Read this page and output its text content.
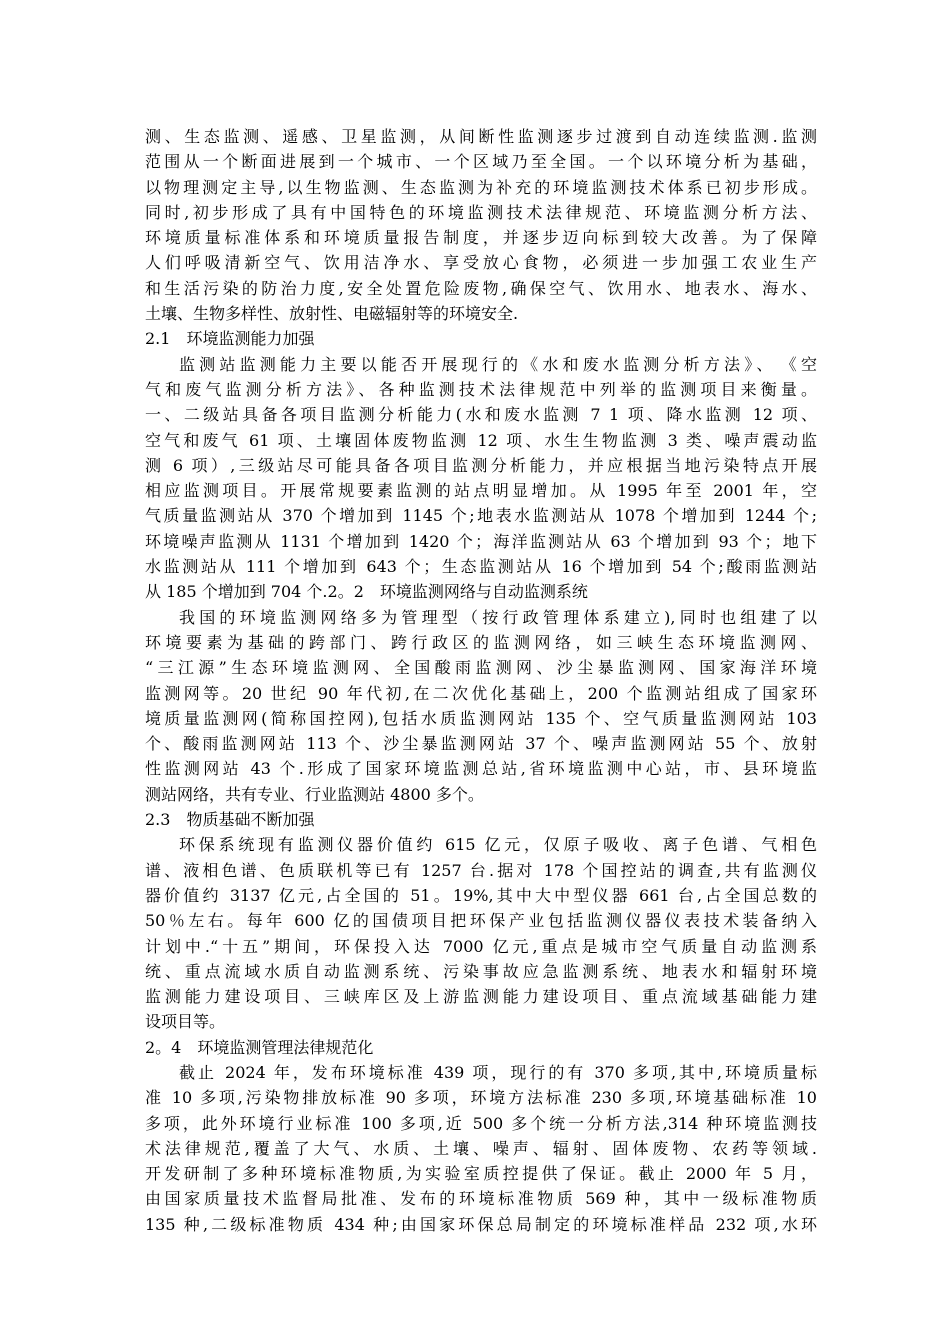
测、生态监测、遥感、卫星监测，从间断性监测逐步过渡到自动连续监测.监测
范围从一个断面进展到一个城市、一个区域乃至全国。一个以环境分析为基础，
以物理测定主导,以生物监测、生态监测为补充的环境监测技术体系已初步形成。
同时,初步形成了具有中国特色的环境监测技术法律规范、环境监测分析方法、
环境质量标准体系和环境质量报告制度，并逐步迈向标到较大改善。为了保障
人们呼吸清新空气、饮用洁净水、享受放心食物，必须进一步加强工农业生产
和生活污染的防治力度,安全处置危险废物,确保空气、饮用水、地表水、海水、
土壤、生物多样性、放射性、电磁辐射等的环境安全.
2.1　环境监测能力加强
监测站监测能力主要以能否开展现行的《水和废水监测分析方法》、　《空
气和废气监测分析方法》、各种监测技术法律规范中列举的监测项目来衡量。
一、二级站具备各项目监测分析能力(水和废水监测 7 1 项、降水监测 12 项、
空气和废气 61 项、土壤固体废物监测 12 项、水生生物监测 3 类、噪声震动监
测 6 项）,三级站尽可能具备各项目监测分析能力，并应根据当地污染特点开展
相应监测项目。开展常规要素监测的站点明显增加。从 1995 年至 2001 年，空
气质量监测站从 370 个增加到 1145 个;地表水监测站从 1078 个增加到 1244 个;
环境噪声监测从 1131 个增加到 1420 个；海洋监测站从 63 个增加到 93 个；地下
水监测站从 111 个增加到 643 个；生态监测站从 16 个增加到 54 个;酸雨监测站
从 185 个增加到 704 个.2。2　环境监测网络与自动监测系统
我国的环境监测网络多为管理型（按行政管理体系建立),同时也组建了以
环境要素为基础的跨部门、跨行政区的监测网络，如三峡生态环境监测网、
“三江源”生态环境监测网、全国酸雨监测网、沙尘暴监测网、国家海洋环境
监测网等。20 世纪 90 年代初,在二次优化基础上，200 个监测站组成了国家环
境质量监测网(简称国控网),包括水质监测网站 135 个、空气质量监测网站 103
个、酸雨监测网站 113 个、沙尘暴监测网站 37 个、噪声监测网站 55 个、放射
性监测网站 43 个.形成了国家环境监测总站,省环境监测中心站，市、县环境监
测站网络，共有专业、行业监测站 4800 多个。
2.3　物质基础不断加强
环保系统现有监测仪器价值约 615 亿元，仅原子吸收、离子色谱、气相色
谱、液相色谱、色质联机等已有 1257 台.据对 178 个国控站的调查,共有监测仪
器价值约 3137 亿元,占全国的 51。19%,其中大中型仪器 661 台,占全国总数的
50％左右。每年 600 亿的国债项目把环保产业包括监测仪器仪表技术装备纳入
计划中.“十五”期间，环保投入达 7000 亿元,重点是城市空气质量自动监测系
统、重点流域水质自动监测系统、污染事故应急监测系统、地表水和辐射环境
监测能力建设项目、三峡库区及上游监测能力建设项目、重点流域基础能力建
设项目等。
2。4　环境监测管理法律规范化
截止 2024 年，发布环境标准 439 项，现行的有 370 多项,其中,环境质量标
准 10 多项,污染物排放标准 90 多项，环境方法标准 230 多项,环境基础标准 10
多项，此外环境行业标准 100 多项,近 500 多个统一分析方法,314 种环境监测技
术法律规范,覆盖了大气、水质、土壤、噪声、辐射、固体废物、农药等领域.
开发研制了多种环境标准物质,为实验室质控提供了保证。截止 2000 年 5 月，
由国家质量技术监督局批准、发布的环境标准物质 569 种，其中一级标准物质
135 种,二级标准物质 434 种;由国家环保总局制定的环境标准样品 232 项,水环
